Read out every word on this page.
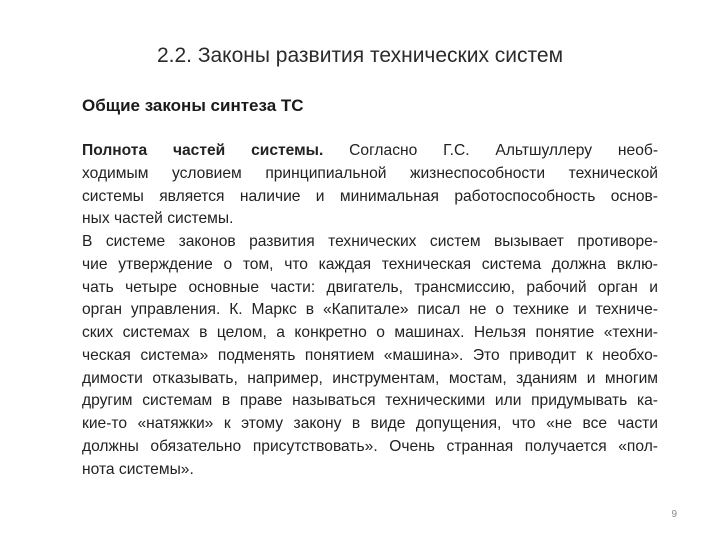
2.2. Законы развития технических систем
Общие законы синтеза ТС
Полнота частей системы. Согласно Г.С. Альтшуллеру необ-
ходимым условием принципиальной жизнеспособности технической
системы является наличие и минимальная работоспособность основ-
ных частей системы.
В системе законов развития технических систем вызывает противоре-
чие утверждение о том, что каждая техническая система должна вклю-
чать четыре основные части: двигатель, трансмиссию, рабочий орган и
орган управления. К. Маркс в «Капитале» писал не о технике и техниче-
ских системах в целом, а конкретно о машинах. Нельзя понятие «техни-
ческая система» подменять понятием «машина». Это приводит к необхо-
димости отказывать, например, инструментам, мостам, зданиям и многим
другим системам в праве называться техническими или придумывать ка-
кие-то «натяжки» к этому закону в виде допущения, что «не все части
должны обязательно присутствовать». Очень странная получается «пол-
нота системы».
9
